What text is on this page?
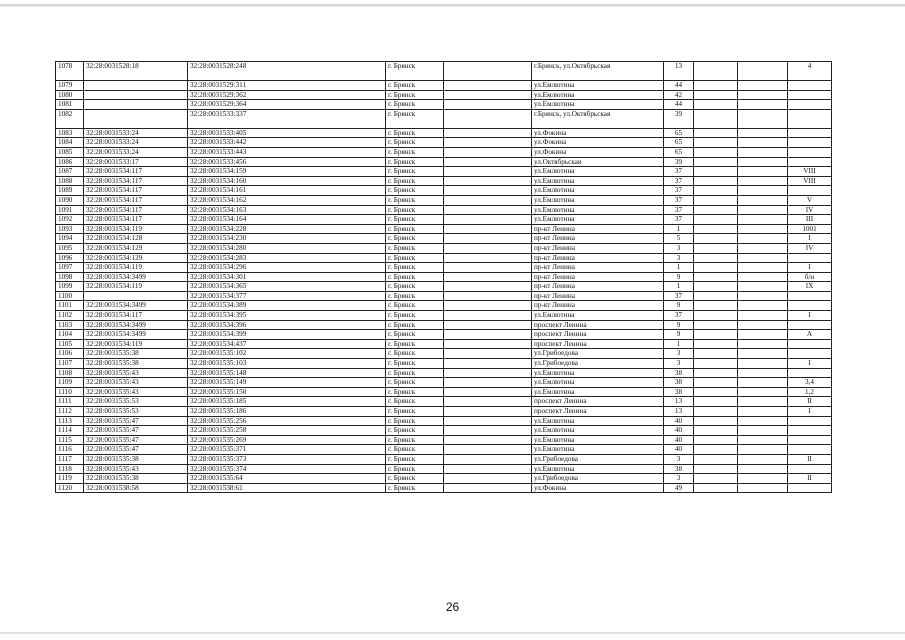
1078	32:28:0031528:18	32:28:0031528:248	г. Брянск		г.Брянск, ул.Октябрьская	13			4
1079		32:28:0031529:311	г. Брянск		ул.Емлютина	44			
1080		32:28:0031529:362	г. Брянск		ул.Емлютина	42			
1081		32:28:0031529:364	г. Брянск		ул.Емлютина	44			
1082		32:28:0031533:337	г. Брянск		г.Брянск, ул.Октябрьская	39			
1083	32:28:0031533:24	32:28:0031533:405	г. Брянск		ул.Фокина	65			
1084	32:28:0031533:24	32:28:0031533:442	г. Брянск		ул.Фокина	65			
1085	32:28:0031533:24	32:28:0031533:443	г. Брянск		ул.Фокина	65			
1086	32:28:0031533:17	32:28:0031533:456	г. Брянск		ул.Октябрьская	39			
1087	32:28:0031534:117	32:28:0031534:159	г. Брянск		ул.Емлютина	37			VIII
1088	32:28:0031534:117	32:28:0031534:160	г. Брянск		ул.Емлютина	37			VIII
1089	32:28:0031534:117	32:28:0031534:161	г. Брянск		ул.Емлютина	37			
1090	32:28:0031534:117	32:28:0031534:162	г. Брянск		ул.Емлютина	37			V
1091	32:28:0031534:117	32:28:0031534:163	г. Брянск		ул.Емлютина	37			IV
1092	32:28:0031534:117	32:28:0031534:164	г. Брянск		ул.Емлютина	37			III
1093	32:28:0031534:119	32:28:0031534:228	г. Брянск		пр-кт Ленина	1			1001
1094	32:28:0031534:128	32:28:0031534:230	г. Брянск		пр-кт Ленина	5			I
1095	32:28:0031534:129	32:28:0031534:280	г. Брянск		пр-кт Ленина	3			IV
1096	32:28:0031534:129	32:28:0031534:283	г. Брянск		пр-кт Ленина	3			
1097	32:28:0031534:119	32:28:0031534:296	г. Брянск		пр-кт Ленина	1			I
1098	32:28:0031534:3499	32:28:0031534:301	г. Брянск		пр-кт Ленина	9			б/н
1099	32:28:0031534:119	32:28:0031534:365	г. Брянск		пр-кт Ленина	1			IX
1100		32:28:0031534:377	г. Брянск		пр-кт Ленина	37			
1101	32:28:0031534:3499	32:28:0031534:389	г. Брянск		пр-кт Ленина	9			
1102	32:28:0031534:117	32:28:0031534:395	г. Брянск		ул.Емлютина	37			I
1103	32:28:0031534:3499	32:28:0031534:396	г. Брянск		проспект Ленина	9			
1104	32:28:0031534:3499	32:28:0031534:399	г. Брянск		проспект Ленина	9			А
1105	32:28:0031534:119	32:28:0031534:437	г. Брянск		проспект Ленина	1			
1106	32:28:0031535:38	32:28:0031535:102	г. Брянск		ул.Грибоедова	3			
1107	32:28:0031535:38	32:28:0031535:103	г. Брянск		ул.Грибоедова	3			I
1108	32:28:0031535:43	32:28:0031535:148	г. Брянск		ул.Емлютина	38			
1109	32:28:0031535:43	32:28:0031535:149	г. Брянск		ул.Емлютина	38			3,4
1110	32:28:0031535:43	32:28:0031535:150	г. Брянск		ул.Емлютина	38			1,2
1111	32:28:0031535:53	32:28:0031535:185	г. Брянск		проспект Ленина	13			II
1112	32:28:0031535:53	32:28:0031535:186	г. Брянск		проспект Ленина	13			I
1113	32:28:0031535:47	32:28:0031535:256	г. Брянск		ул.Емлютина	40			
1114	32:28:0031535:47	32:28:0031535:258	г. Брянск		ул.Емлютина	40			
1115	32:28:0031535:47	32:28:0031535:269	г. Брянск		ул.Емлютина	40			
1116	32:28:0031535:47	32:28:0031535:371	г. Брянск		ул.Емлютина	40			
1117	32:28:0031535:38	32:28:0031535:373	г. Брянск		ул.Грибоедова	3			II
1118	32:28:0031535:43	32:28:0031535:374	г. Брянск		ул.Емлютина	38			
1119	32:28:0031535:38	32:28:0031535:64	г. Брянск		ул.Грибоедова	3			II
1120	32:28:0031538:58	32:28:0031538:61	г. Брянск		ул.Фокина	49			
26
